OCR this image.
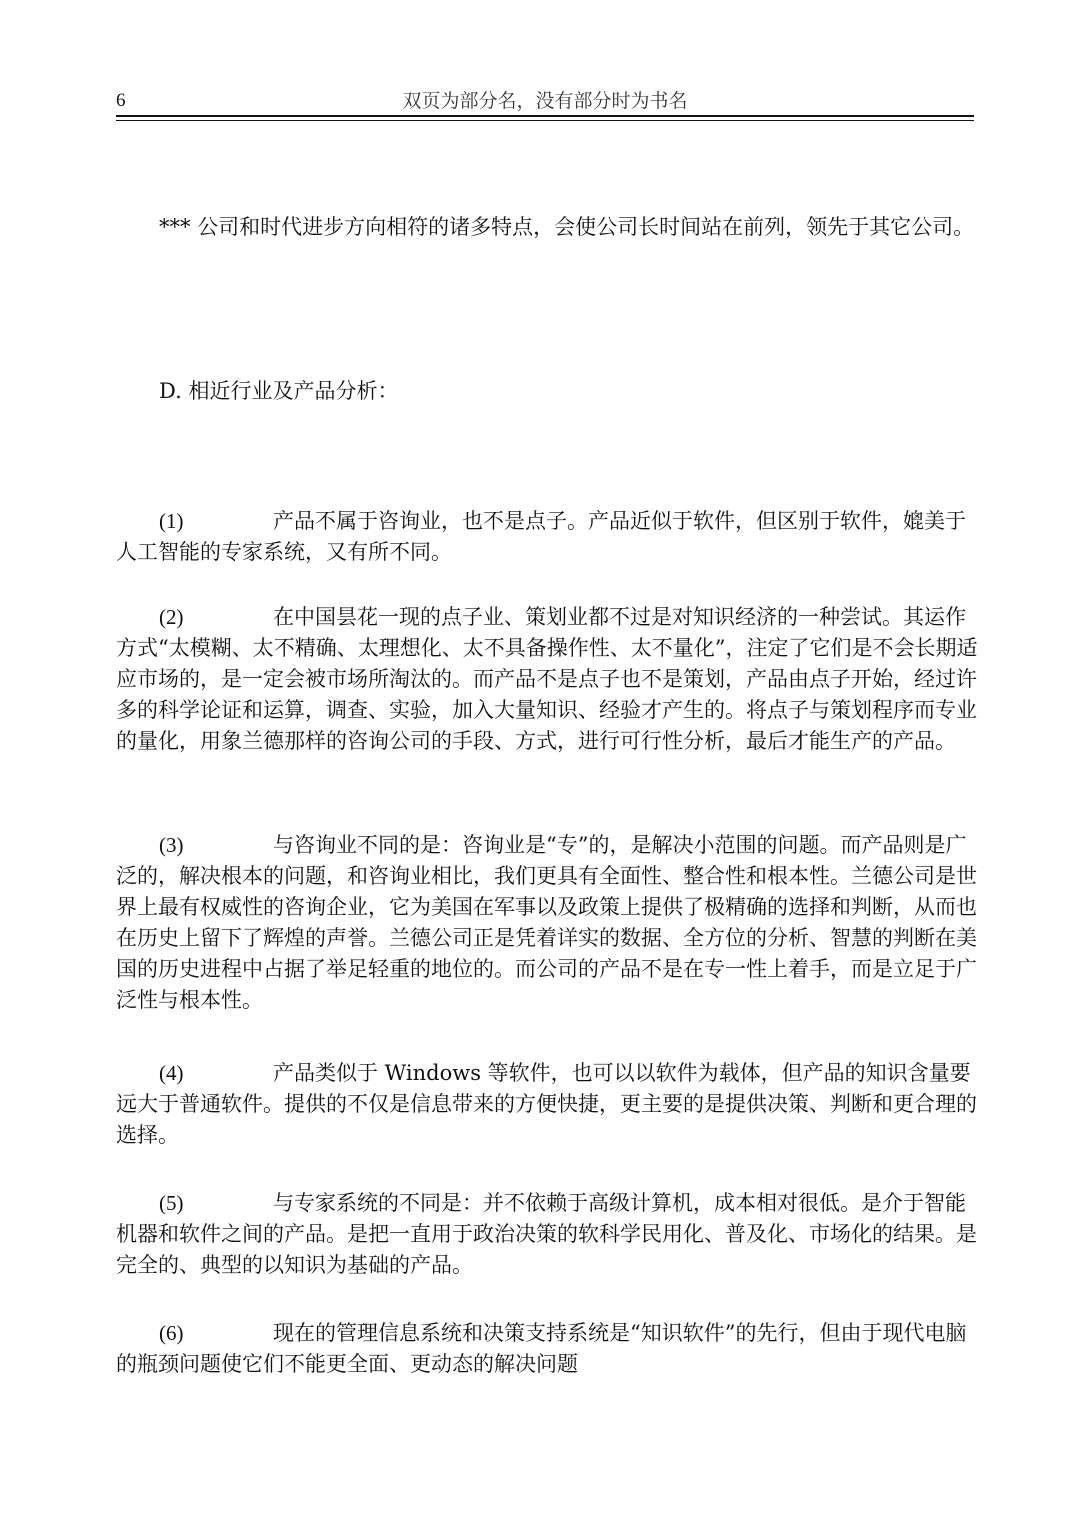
6	双页为部分名，没有部分时为书名

*** 公司和时代进步方向相符的诸多特点，会使公司长时间站在前列，领先于其它公司。

D. 相近行业及产品分析：

(1)	产品不属于咨询业，也不是点子。产品近似于软件，但区别于软件，媲美于人工智能的专家系统，又有所不同。

(2)	在中国昙花一现的点子业、策划业都不过是对知识经济的一种尝试。其运作方式“太模糊、太不精确、太理想化、太不具备操作性、太不量化”，注定了它们是不会长期适应市场的，是一定会被市场所淘汰的。而产品不是点子也不是策划，产品由点子开始，经过许多的科学论证和运算，调查、实验，加入大量知识、经验才产生的。将点子与策划程序而专业的量化，用象兰德那样的咨询公司的手段、方式，进行可行性分析，最后才能生产的产品。

(3)	与咨询业不同的是：咨询业是“专”的，是解决小范围的问题。而产品则是广泛的，解决根本的问题，和咨询业相比，我们更具有全面性、整合性和根本性。兰德公司是世界上最有权威性的咨询企业，它为美国在军事以及政策上提供了极精确的选择和判断，从而也在历史上留下了辉煌的声誉。兰德公司正是凭着详实的数据、全方位的分析、智慧的判断在美国的历史进程中占据了举足轻重的地位的。而公司的产品不是在专一性上着手，而是立足于广泛性与根本性。

(4)	产品类似于 Windows 等软件，也可以以软件为载体，但产品的知识含量要远大于普通软件。提供的不仅是信息带来的方便快捷，更主要的是提供决策、判断和更合理的选择。

(5)	与专家系统的不同是：并不依赖于高级计算机，成本相对很低。是介于智能机器和软件之间的产品。是把一直用于政治决策的软科学民用化、普及化、市场化的结果。是完全的、典型的以知识为基础的产品。

(6)	现在的管理信息系统和决策支持系统是“知识软件”的先行，但由于现代电脑的瓶颈问题使它们不能更全面、更动态的解决问题
